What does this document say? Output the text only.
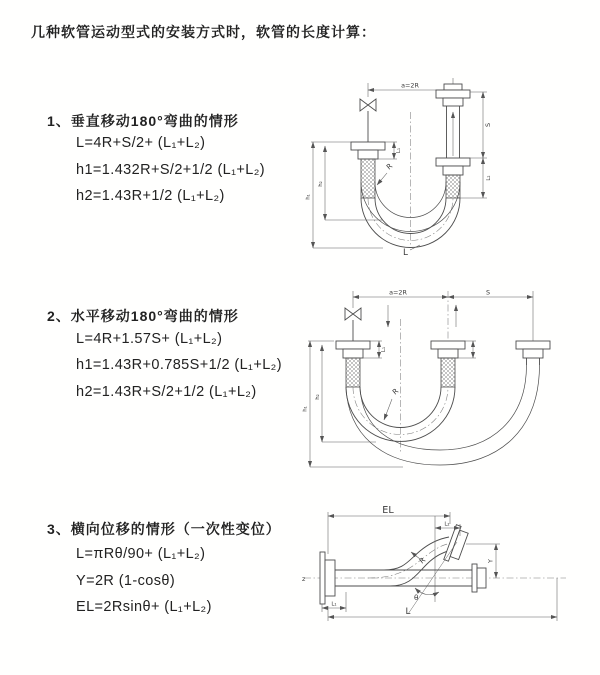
几种软管运动型式的安装方式时，软管的长度计算：
1、垂直移动180°弯曲的情形
L=4R+S/2+ (L₁+L₂)
h1=1.432R+S/2+1/2 (L₁+L₂)
h2=1.43R+1/2 (L₁+L₂)
2、水平移动180°弯曲的情形
L=4R+1.57S+ (L₁+L₂)
h1=1.43R+0.785S+1/2 (L₁+L₂)
h2=1.43R+S/2+1/2 (L₁+L₂)
3、横向位移的情形（一次性变位）
L=πRθ/90+ (L₁+L₂)
Y=2R (1-cosθ)
EL=2Rsinθ+ (L₁+L₂)
a=2R
h₁
h₂
L₁
S
L₂
R
L
a=2R	S
h₁
h₂
L₁
R
z
EL
L₂
Y
L
L₁
R
θ
